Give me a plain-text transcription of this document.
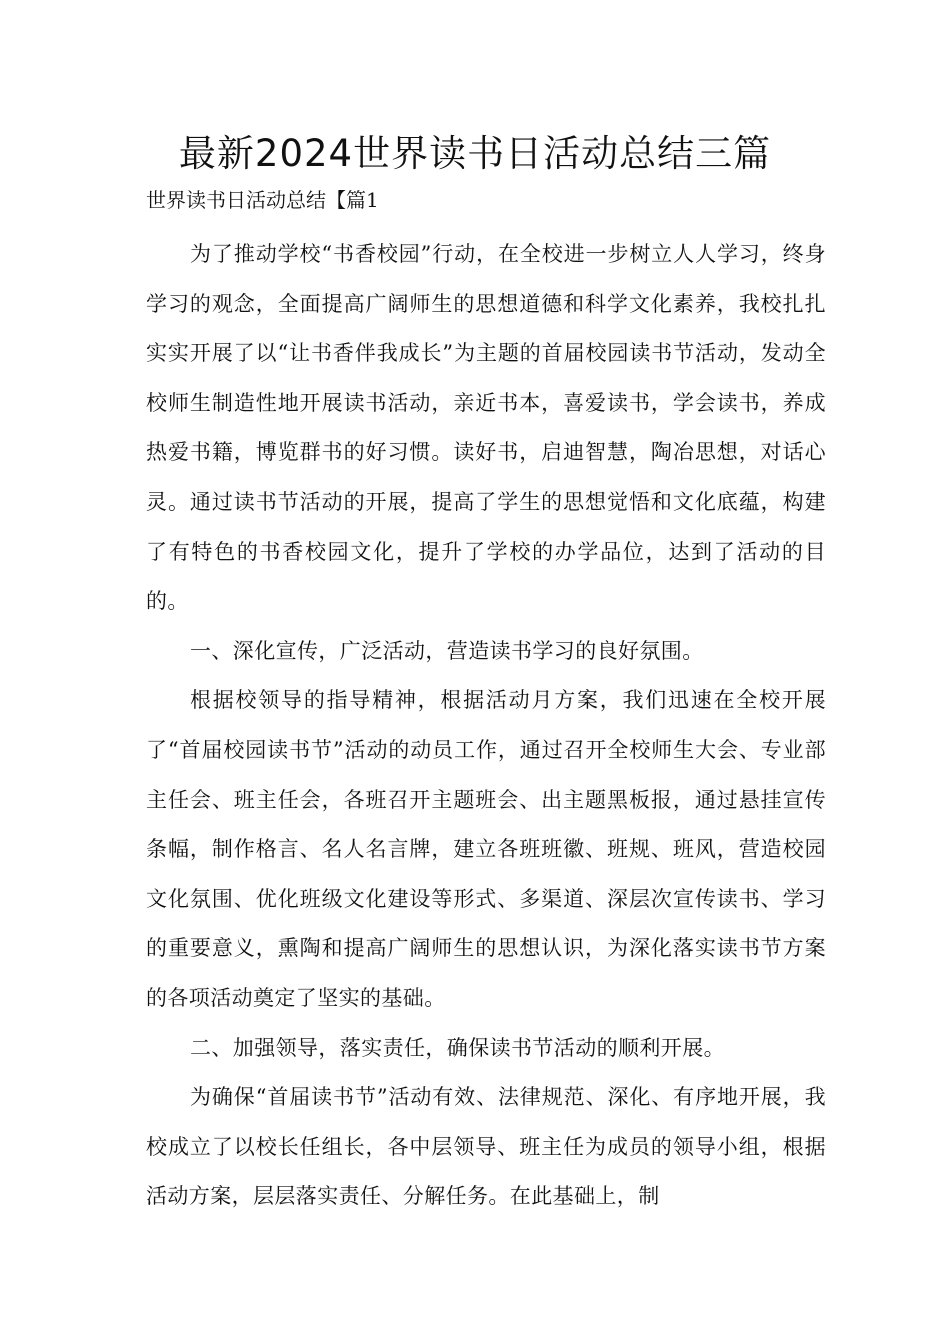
最新2024世界读书日活动总结三篇
世界读书日活动总结【篇1

为了推动学校“书香校园”行动，在全校进一步树立人人学习，终身学习的观念，全面提高广阔师生的思想道德和科学文化素养，我校扎扎实实开展了以“让书香伴我成长”为主题的首届校园读书节活动，发动全校师生制造性地开展读书活动，亲近书本，喜爱读书，学会读书，养成热爱书籍，博览群书的好习惯。读好书，启迪智慧，陶冶思想，对话心灵。通过读书节活动的开展，提高了学生的思想觉悟和文化底蕴，构建了有特色的书香校园文化，提升了学校的办学品位，达到了活动的目的。

一、深化宣传，广泛活动，营造读书学习的良好氛围。

根据校领导的指导精神，根据活动月方案，我们迅速在全校开展了“首届校园读书节”活动的动员工作，通过召开全校师生大会、专业部主任会、班主任会，各班召开主题班会、出主题黑板报，通过悬挂宣传条幅，制作格言、名人名言牌，建立各班班徽、班规、班风，营造校园文化氛围、优化班级文化建设等形式、多渠道、深层次宣传读书、学习的重要意义，熏陶和提高广阔师生的思想认识，为深化落实读书节方案的各项活动奠定了坚实的基础。

二、加强领导，落实责任，确保读书节活动的顺利开展。

为确保“首届读书节”活动有效、法律规范、深化、有序地开展，我校成立了以校长任组长，各中层领导、班主任为成员的领导小组，根据活动方案，层层落实责任、分解任务。在此基础上，制
